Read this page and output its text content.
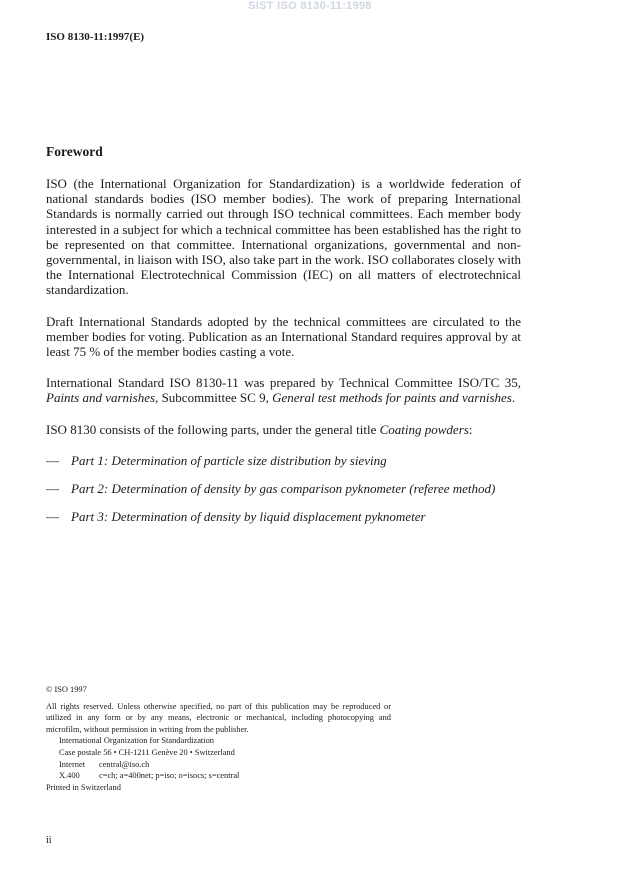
SIST ISO 8130-11:1998
ISO 8130-11:1997(E)
Foreword

ISO (the International Organization for Standardization) is a worldwide federation of national standards bodies (ISO member bodies). The work of preparing International Standards is normally carried out through ISO technical committees. Each member body interested in a subject for which a technical committee has been established has the right to be represented on that committee. International organizations, governmental and non-governmental, in liaison with ISO, also take part in the work. ISO collaborates closely with the International Electrotechnical Commission (IEC) on all matters of electrotechnical standardization.

Draft International Standards adopted by the technical committees are circulated to the member bodies for voting. Publication as an International Standard requires approval by at least 75 % of the member bodies casting a vote.

International Standard ISO 8130-11 was prepared by Technical Committee ISO/TC 35, Paints and varnishes, Subcommittee SC 9, General test methods for paints and varnishes.

ISO 8130 consists of the following parts, under the general title Coating powders:

— Part 1: Determination of particle size distribution by sieving
— Part 2: Determination of density by gas comparison pyknometer (referee method)
— Part 3: Determination of density by liquid displacement pyknometer

© ISO 1997

All rights reserved. Unless otherwise specified, no part of this publication may be reproduced or utilized in any form or by any means, electronic or mechanical, including photocopying and microfilm, without permission in writing from the publisher.

International Organization for Standardization
Case postale 56 • CH-1211 Genève 20 • Switzerland
Internet	central@iso.ch
X.400	c=ch; a=400net; p=iso; o=isocs; s=central
Printed in Switzerland
ii
